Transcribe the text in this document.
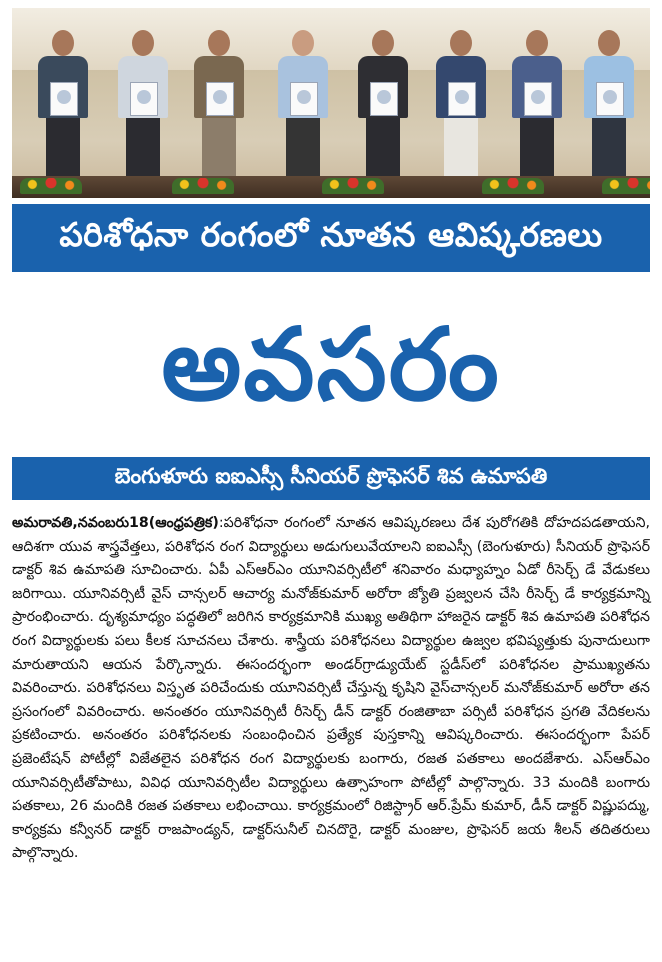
పరిశోధనా రంగంలో నూతన ఆవిష్కరణలు
అవసరం
బెంగుళూరు ఐఐఎస్సీ సీనియర్ ప్రొఫెసర్ శివ ఉమాపతి
అమరావతి,నవంబరు18(ఆంధ్రపత్రిక):పరిశోధనా రంగంలో నూతన ఆవిష్కరణలు దేశ పురోగతికి దోహదపడతాయని, ఆదిశగా యువ శాస్త్రవేత్తలు, పరిశోధన రంగ విద్యార్థులు అడుగులువేయాలని ఐఐఎస్సీ (బెంగుళూరు) సీనియర్ ప్రొఫెసర్ డాక్టర్ శివ ఉమాపతి సూచించారు. ఏపీ ఎస్ఆర్ఎం యూనివర్సిటీలో శనివారం మధ్యాహ్నం ఏడో రీసెర్చ్ డే వేడుకలు జరిగాయి. యూనివర్సిటీ వైస్ చాన్సలర్ ఆచార్య మనోజ్‌కుమార్ అరోరా జ్యోతి ప్రజ్వలన చేసి రీసెర్చ్ డే కార్యక్రమాన్ని ప్రారంభించారు. దృశ్యమాధ్యం పద్ధతిలో జరిగిన కార్యక్రమానికి ముఖ్య అతిథిగా హాజరైన డాక్టర్ శివ ఉమాపతి పరిశోధన రంగ విద్యార్థులకు పలు కీలక సూచనలు చేశారు. శాస్త్రీయ పరిశోధనలు విద్యార్థుల ఉజ్వల భవిష్యత్తుకు పునాదులుగా మారుతాయని ఆయన పేర్కొన్నారు. ఈసందర్భంగా అండర్‌గ్రాడ్యుయేట్ స్టడీస్‌లో పరిశోధనల ప్రాముఖ్యతను వివరించారు. పరిశోధనలు విస్తృత పరిచేందుకు యూనివర్సిటీ చేస్తున్న కృషిని వైస్‌చాన్సలర్ మనోజ్‌కుమార్ అరోరా తన ప్రసంగంలో వివరించారు. అనంతరం యూనివర్సిటీ రీసెర్చ్ డీన్ డాక్టర్ రంజితాబా పర్సిటీ పరిశోధన ప్రగతి వేదికలను ప్రకటించారు. అనంతరం పరిశోధనలకు సంబంధించిన ప్రత్యేక పుస్తకాన్ని ఆవిష్కరించారు. ఈసందర్భంగా పేపర్ ప్రజెంటేషన్ పోటీల్లో విజేతలైన పరిశోధన రంగ విద్యార్థులకు బంగారు, రజత పతకాలు అందజేశారు. ఎస్ఆర్ఎం యూనివర్సిటీతోపాటు, వివిధ యూనివర్సిటీల విద్యార్థులు ఉత్సాహంగా పోటీల్లో పాల్గొన్నారు. 33 మందికి బంగారు పతకాలు, 26 మందికి రజత పతకాలు లభించాయి. కార్యక్రమంలో రిజిస్ట్రార్ ఆర్.ప్రేమ్ కుమార్, డీన్ డాక్టర్ విష్ణుపద్ము, కార్యక్రమ కన్వీనర్ డాక్టర్ రాజపాండ్యన్, డాక్టర్‌సునీల్ చినదొరై, డాక్టర్ మంజుల, ప్రొఫెసర్ జయ శీలన్ తదితరులు పాల్గొన్నారు.
